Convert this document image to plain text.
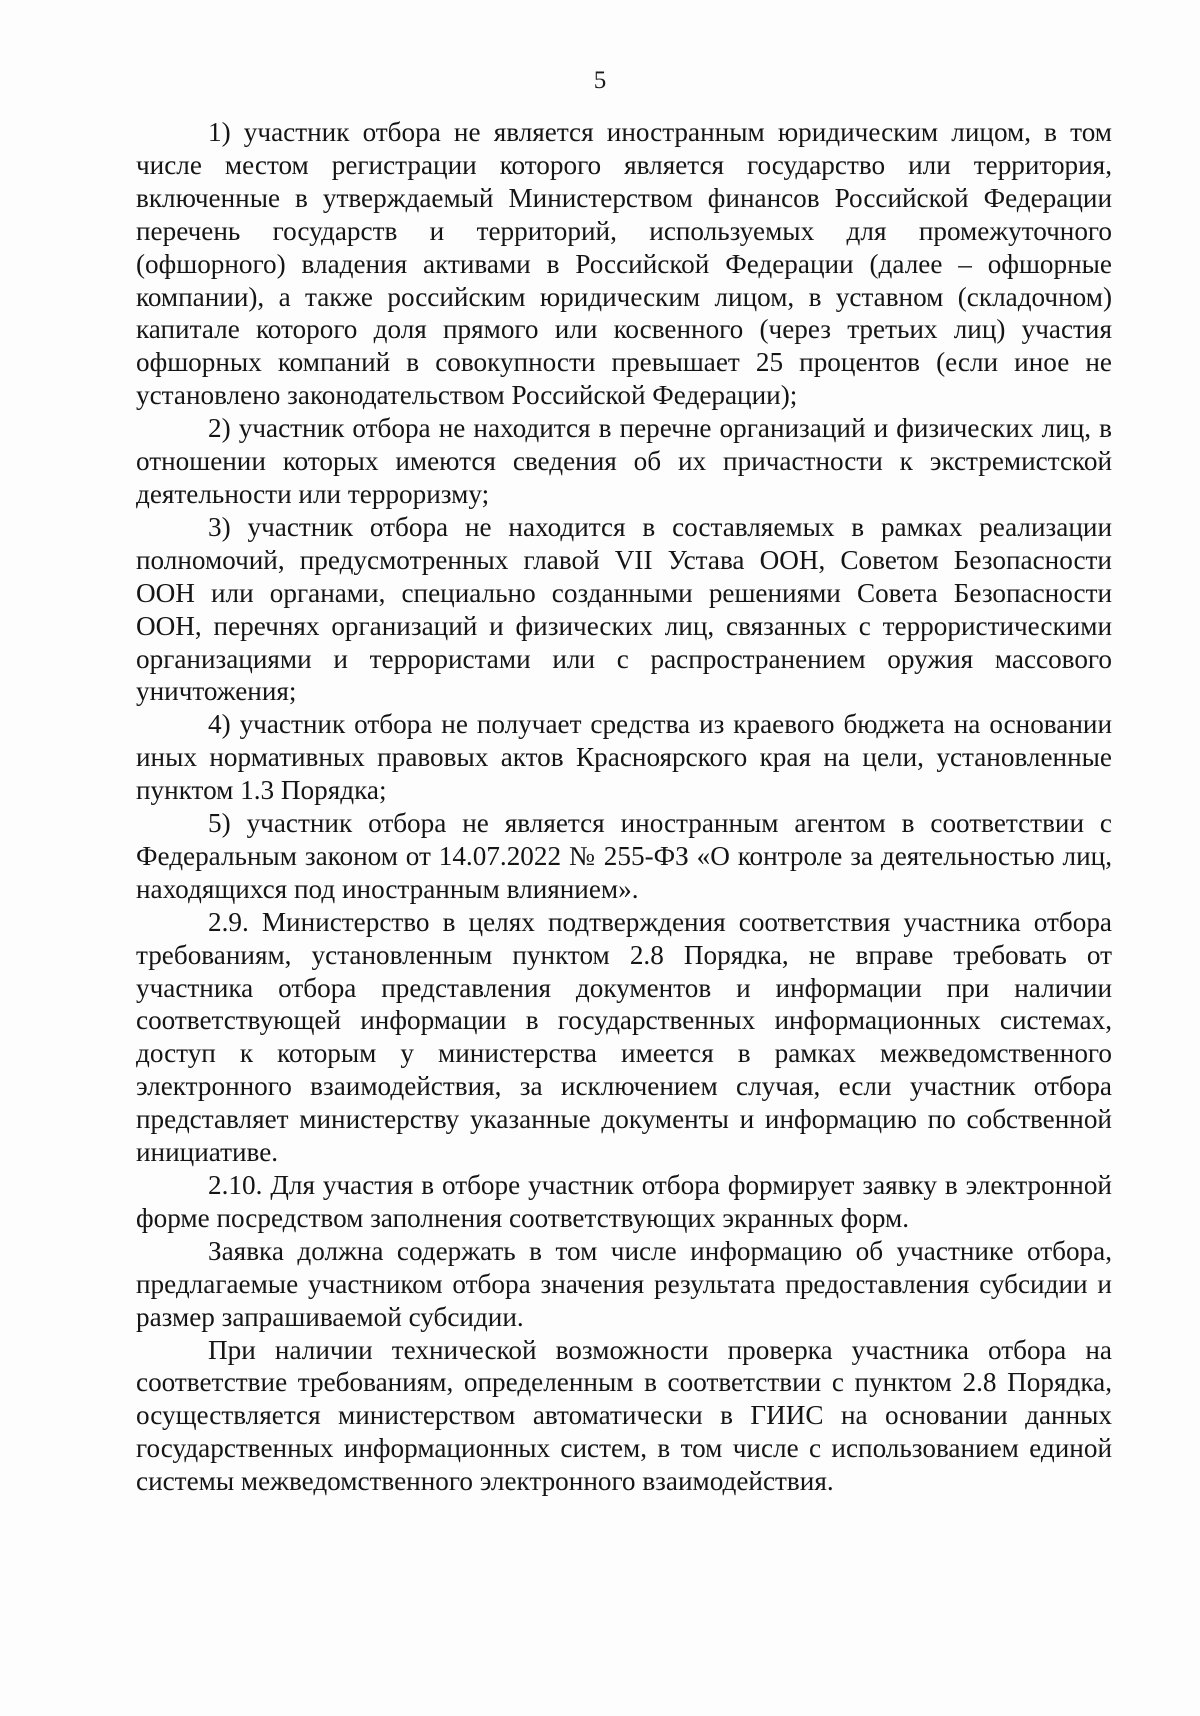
5

1) участник отбора не является иностранным юридическим лицом, в том числе местом регистрации которого является государство или территория, включенные в утверждаемый Министерством финансов Российской Федерации перечень государств и территорий, используемых для промежуточного (офшорного) владения активами в Российской Федерации (далее – офшорные компании), а также российским юридическим лицом, в уставном (складочном) капитале которого доля прямого или косвенного (через третьих лиц) участия офшорных компаний в совокупности превышает 25 процентов (если иное не установлено законодательством Российской Федерации);

2) участник отбора не находится в перечне организаций и физических лиц, в отношении которых имеются сведения об их причастности к экстремистской деятельности или терроризму;

3) участник отбора не находится в составляемых в рамках реализации полномочий, предусмотренных главой VII Устава ООН, Советом Безопасности ООН или органами, специально созданными решениями Совета Безопасности ООН, перечнях организаций и физических лиц, связанных с террористическими организациями и террористами или с распространением оружия массового уничтожения;

4) участник отбора не получает средства из краевого бюджета на основании иных нормативных правовых актов Красноярского края на цели, установленные пунктом 1.3 Порядка;

5) участник отбора не является иностранным агентом в соответствии с Федеральным законом от 14.07.2022 № 255-ФЗ «О контроле за деятельностью лиц, находящихся под иностранным влиянием».

2.9. Министерство в целях подтверждения соответствия участника отбора требованиям, установленным пунктом 2.8 Порядка, не вправе требовать от участника отбора представления документов и информации при наличии соответствующей информации в государственных информационных системах, доступ к которым у министерства имеется в рамках межведомственного электронного взаимодействия, за исключением случая, если участник отбора представляет министерству указанные документы и информацию по собственной инициативе.

2.10. Для участия в отборе участник отбора формирует заявку в электронной форме посредством заполнения соответствующих экранных форм.

Заявка должна содержать в том числе информацию об участнике отбора, предлагаемые участником отбора значения результата предоставления субсидии и размер запрашиваемой субсидии.

При наличии технической возможности проверка участника отбора на соответствие требованиям, определенным в соответствии с пунктом 2.8 Порядка, осуществляется министерством автоматически в ГИИС на основании данных государственных информационных систем, в том числе с использованием единой системы межведомственного электронного взаимодействия.
